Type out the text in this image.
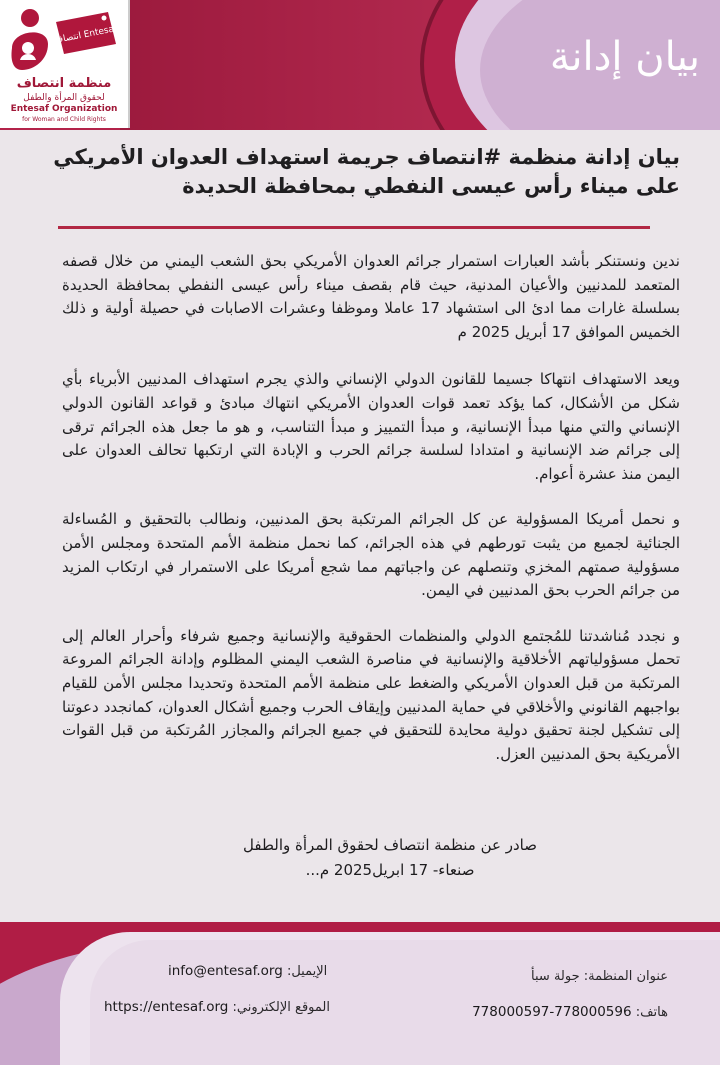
بيان إدانة
انتصاف Entesaf
منظمة انتصاف
لحقوق المرأة والطفل
Entesaf Organization
for Woman and Child Rights
بيان إدانة منظمة #انتصاف جريمة استهداف العدوان الأمريكي على ميناء رأس عيسى النفطي بمحافظة الحديدة

ندين ونستنكر بأشد العبارات استمرار جرائم العدوان الأمريكي بحق الشعب اليمني من خلال قصفه المتعمد للمدنيين والأعيان المدنية، حيث قام بقصف ميناء رأس عيسى النفطي بمحافظة الحديدة بسلسلة غارات مما ادئ الى استشهاد 17 عاملا وموظفا وعشرات الاصابات في حصيلة أولية و ذلك الخميس الموافق 17 أبريل 2025 م

ويعد الاستهداف انتهاكا جسيما للقانون الدولي الإنساني والذي يجرم استهداف المدنيين الأبرياء بأي شكل من الأشكال، كما يؤكد تعمد قوات العدوان الأمريكي انتهاك مبادئ و قواعد القانون الدولي الإنساني والتي منها مبدأ الإنسانية، و مبدأ التمييز و مبدأ التناسب، و هو ما جعل هذه الجرائم ترقى إلى جرائم ضد الإنسانية و امتدادا لسلسة جرائم الحرب و الإبادة التي ارتكبها تحالف العدوان على اليمن منذ عشرة أعوام.

و نحمل أمريكا المسؤولية عن كل الجرائم المرتكبة بحق المدنيين، ونطالب بالتحقيق و المُساءلة الجنائية لجميع من يثبت تورطهم في هذه الجرائم، كما نحمل منظمة الأمم المتحدة ومجلس الأمن مسؤولية صمتهم المخزي وتنصلهم عن واجباتهم مما شجع أمريكا على الاستمرار في ارتكاب المزيد من جرائم الحرب بحق المدنيين في اليمن.

و نجدد مُناشدتنا للمُجتمع الدولي والمنظمات الحقوقية والإنسانية وجميع شرفاء وأحرار العالم إلى تحمل مسؤولياتهم الأخلاقية والإنسانية في مناصرة الشعب اليمني المظلوم وإدانة الجرائم المروعة المرتكبة من قبل العدوان الأمريكي والضغط على منظمة الأمم المتحدة وتحديدا مجلس الأمن للقيام بواجبهم القانوني والأخلاقي في حماية المدنيين وإيقاف الحرب وجميع أشكال العدوان، كمانجدد دعوتنا إلى تشكيل لجنة تحقيق دولية محايدة للتحقيق في جميع الجرائم والمجازر المُرتكبة من قبل القوات الأمريكية بحق المدنيين العزل.

صادر عن منظمة انتصاف لحقوق المرأة والطفل
صنعاء- 17 ابريل2025 م...
الإيميل: info@entesaf.org
الموقع الإلكتروني: https://entesaf.org
عنوان المنظمة: جولة سبأ
هاتف: 778000597-778000596
